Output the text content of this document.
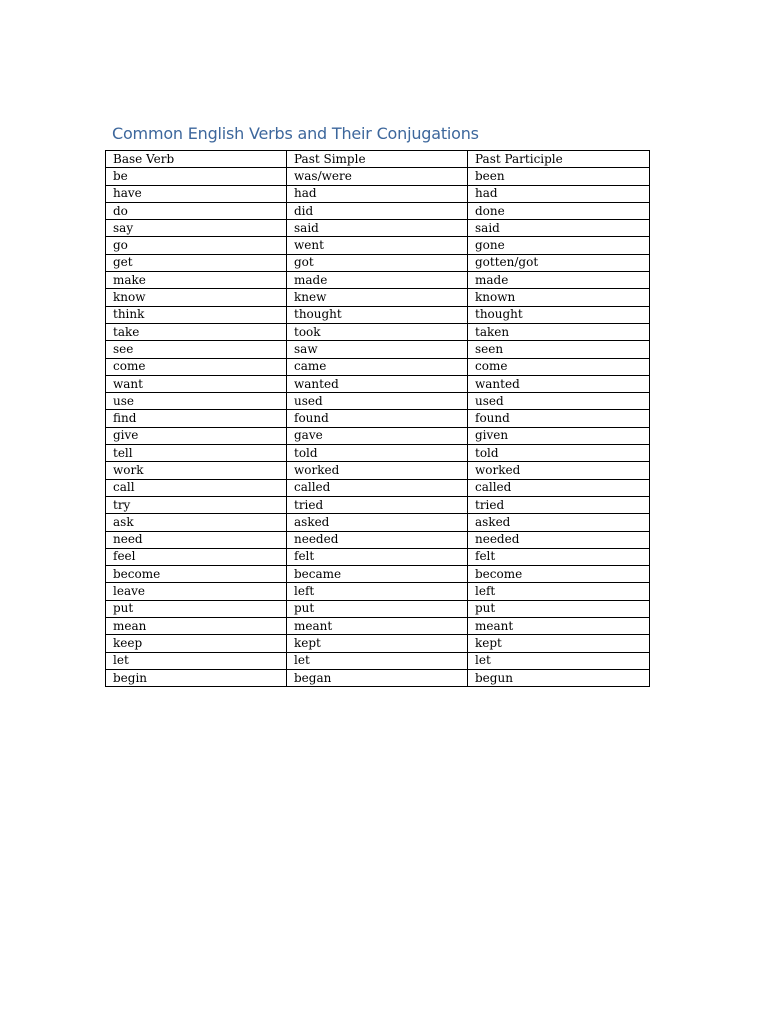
Common English Verbs and Their Conjugations
Base Verb	Past Simple	Past Participle
be	was/were	been
have	had	had
do	did	done
say	said	said
go	went	gone
get	got	gotten/got
make	made	made
know	knew	known
think	thought	thought
take	took	taken
see	saw	seen
come	came	come
want	wanted	wanted
use	used	used
find	found	found
give	gave	given
tell	told	told
work	worked	worked
call	called	called
try	tried	tried
ask	asked	asked
need	needed	needed
feel	felt	felt
become	became	become
leave	left	left
put	put	put
mean	meant	meant
keep	kept	kept
let	let	let
begin	began	begun
